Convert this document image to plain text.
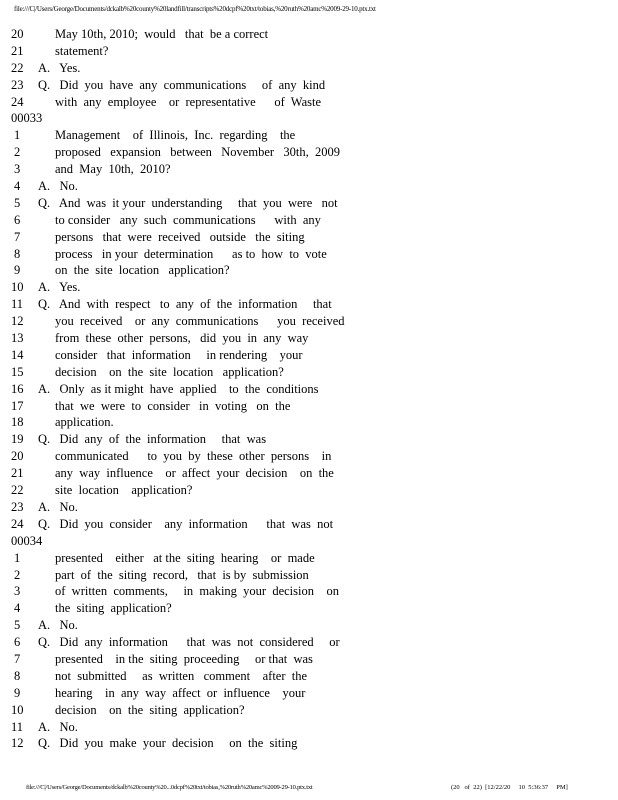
file:///C|/Users/George/Documents/dckalb%20county%20landfill/transcripts%20dcpf%20txt/tobias,%20ruth%20amc%2009-29-10.ptx.txt
20	May 10th, 2010;  would   that  be a correct
21	statement?
22 A.   Yes.
23 Q.   Did  you  have  any  communications     of  any  kind
24	with  any  employee    or  representative      of  Waste
00033
1	Management    of  Illinois,  Inc.  regarding    the
2	proposed   expansion   between   November   30th,  2009
3	and  May  10th,  2010?
4 A.   No.
5 Q.   And  was  it your  understanding     that  you  were   not
6	to consider   any  such  communications      with  any
7	persons   that  were  received   outside   the  siting
8	process   in your  determination      as to  how  to  vote
9	on  the  site  location   application?
10 A.   Yes.
11 Q.   And  with  respect   to  any  of  the  information     that
12	you  received    or  any  communications      you  received
13	from  these  other  persons,   did  you  in  any  way
14	consider   that  information     in rendering    your
15	decision    on  the  site  location   application?
16 A.   Only  as it might  have  applied    to  the  conditions
17	that  we  were  to  consider   in  voting   on  the
18	application.
19 Q.   Did  any  of  the  information     that  was
20	communicated      to  you  by  these  other  persons    in
21	any  way  influence    or  affect  your  decision    on  the
22	site  location    application?
23 A.   No.
24 Q.   Did  you  consider    any  information      that  was  not
00034
1	presented    either   at the  siting  hearing    or  made
2	part  of  the  siting  record,   that  is by  submission
3	of  written  comments,     in  making  your  decision    on
4	the  siting  application?
5 A.   No.
6 Q.   Did  any  information      that  was  not  considered     or
7	presented    in the  siting  proceeding     or that  was
8	not  submitted     as  written   comment    after  the
9	hearing    in  any  way  affect  or  influence    your
10	decision    on  the  siting  application?
11 A.   No.
12 Q.   Did  you  make  your  decision     on  the  siting
file:///C|/Users/George/Documents/dckalb%20county%20...0dcpf%20txt/tobias,%20ruth%20amc%2009-29-10.ptx.txt	(20   of  22)  [12/22/20     10  5:36:37     PM]
